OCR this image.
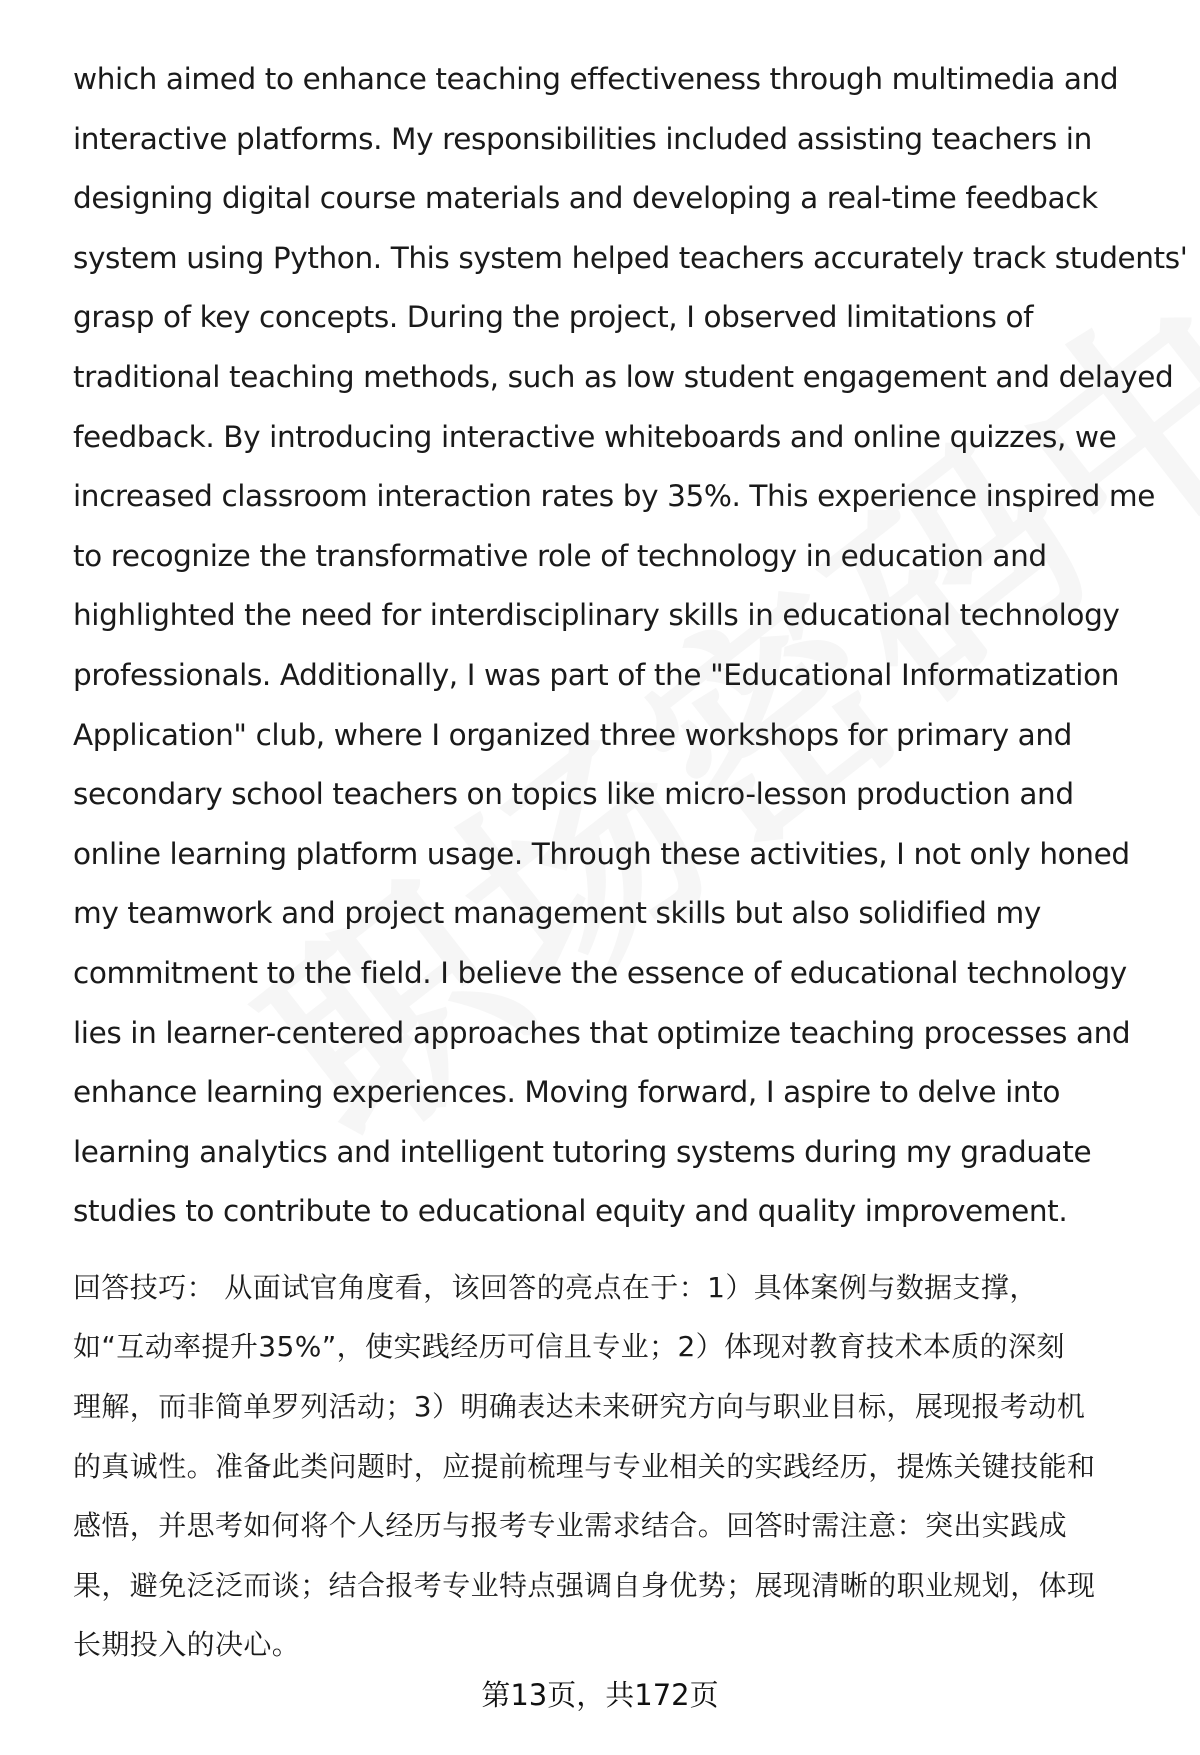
which aimed to enhance teaching effectiveness through multimedia and
interactive platforms. My responsibilities included assisting teachers in
designing digital course materials and developing a real-time feedback
system using Python. This system helped teachers accurately track students'
grasp of key concepts. During the project, I observed limitations of
traditional teaching methods, such as low student engagement and delayed
feedback. By introducing interactive whiteboards and online quizzes, we
increased classroom interaction rates by 35%. This experience inspired me
to recognize the transformative role of technology in education and
highlighted the need for interdisciplinary skills in educational technology
professionals. Additionally, I was part of the "Educational Informatization
Application" club, where I organized three workshops for primary and
secondary school teachers on topics like micro-lesson production and
online learning platform usage. Through these activities, I not only honed
my teamwork and project management skills but also solidified my
commitment to the field. I believe the essence of educational technology
lies in learner-centered approaches that optimize teaching processes and
enhance learning experiences. Moving forward, I aspire to delve into
learning analytics and intelligent tutoring systems during my graduate
studies to contribute to educational equity and quality improvement.
回答技巧： 从面试官角度看，该回答的亮点在于：1）具体案例与数据支撑，
如“互动率提升35%”，使实践经历可信且专业；2）体现对教育技术本质的深刻
理解，而非简单罗列活动；3）明确表达未来研究方向与职业目标，展现报考动机
的真诚性。准备此类问题时，应提前梳理与专业相关的实践经历，提炼关键技能和
感悟，并思考如何将个人经历与报考专业需求结合。回答时需注意：突出实践成
果，避免泛泛而谈；结合报考专业特点强调自身优势；展现清晰的职业规划，体现
长期投入的决心。
第13页，共172页
